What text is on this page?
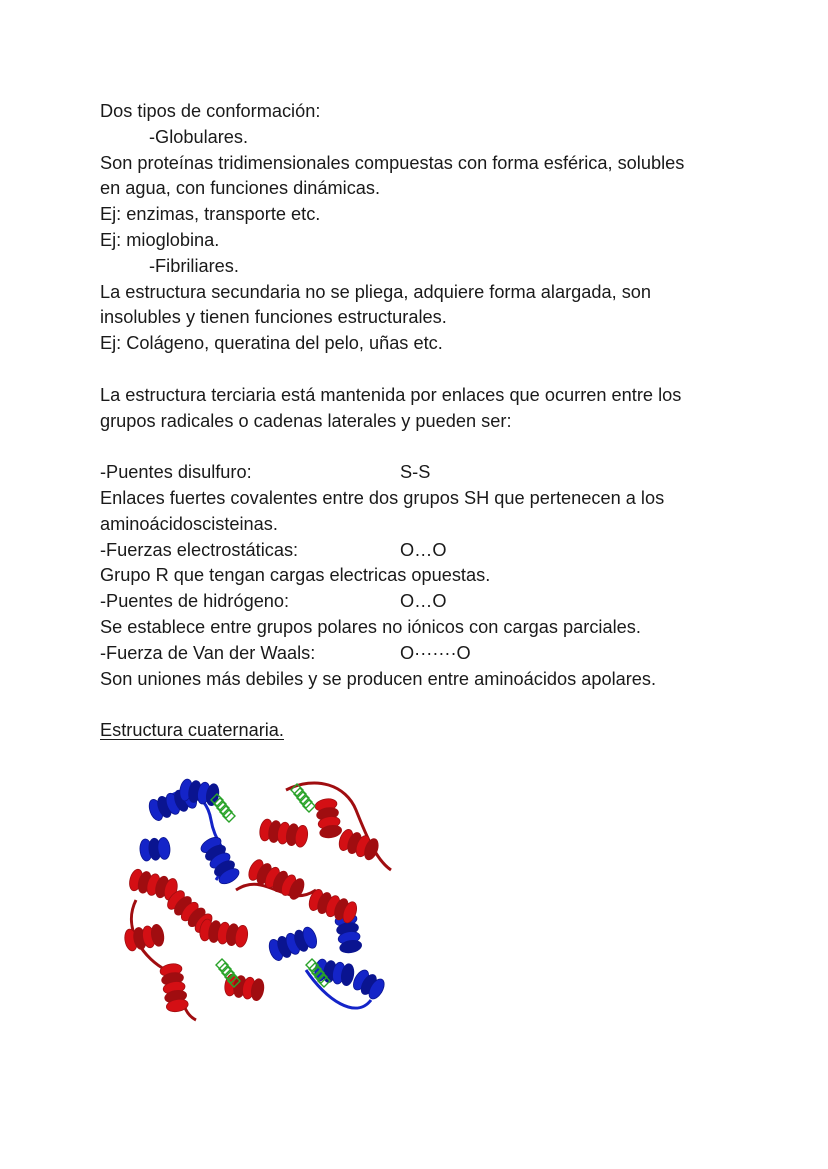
Dos tipos de conformación:
-Globulares.
Son proteínas tridimensionales compuestas con forma esférica, solubles
en agua, con funciones dinámicas.
Ej: enzimas, transporte etc.
Ej: mioglobina.
-Fibriliares.
La estructura secundaria no se pliega, adquiere forma alargada, son
insolubles y tienen funciones estructurales.
Ej: Colágeno, queratina del pelo, uñas etc.
La estructura terciaria está mantenida por enlaces que ocurren entre los
grupos radicales o cadenas laterales y pueden ser:
-Puentes disulfuro:	S-S
Enlaces fuertes covalentes entre dos grupos SH que pertenecen a los
aminoácidoscisteinas.
-Fuerzas electrostáticas:	O…O
Grupo R que tengan cargas electricas opuestas.
-Puentes de hidrógeno:	O…O
Se establece entre grupos polares no iónicos con cargas parciales.
-Fuerza de Van der Waals:	O·······O
Son uniones más debiles y se producen entre aminoácidos apolares.
Estructura cuaternaria.
